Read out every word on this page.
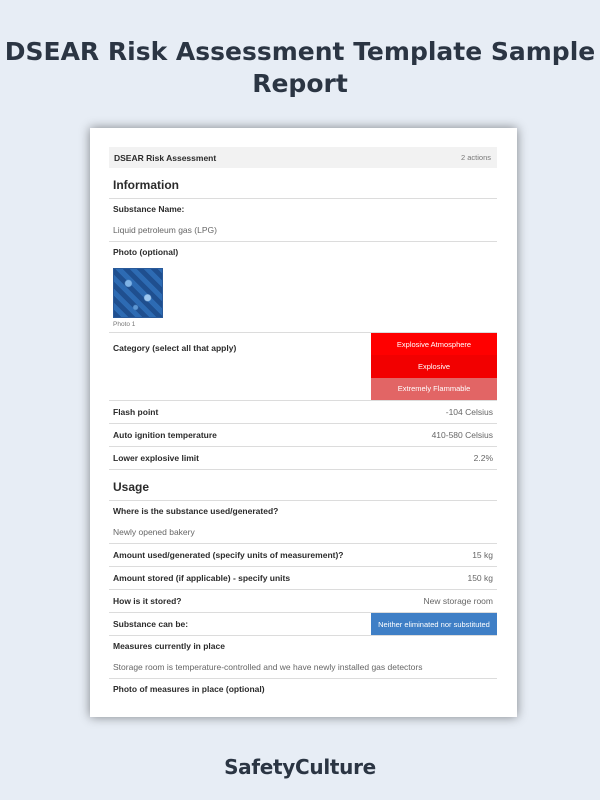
DSEAR Risk Assessment Template Sample Report
DSEAR Risk Assessment	2 actions
Information
Substance Name:
Liquid petroleum gas (LPG)
Photo (optional)
Photo 1
Category (select all that apply)	Explosive Atmosphere
Explosive
Extremely Flammable
Flash point	-104 Celsius
Auto ignition temperature	410-580 Celsius
Lower explosive limit	2.2%
Usage
Where is the substance used/generated?
Newly opened bakery
Amount used/generated (specify units of measurement)?	15 kg
Amount stored (if applicable) - specify units	150 kg
How is it stored?	New storage room
Substance can be:	Neither eliminated nor substituted
Measures currently in place
Storage room is temperature-controlled and we have newly installed gas detectors
Photo of measures in place (optional)
SafetyCulture
